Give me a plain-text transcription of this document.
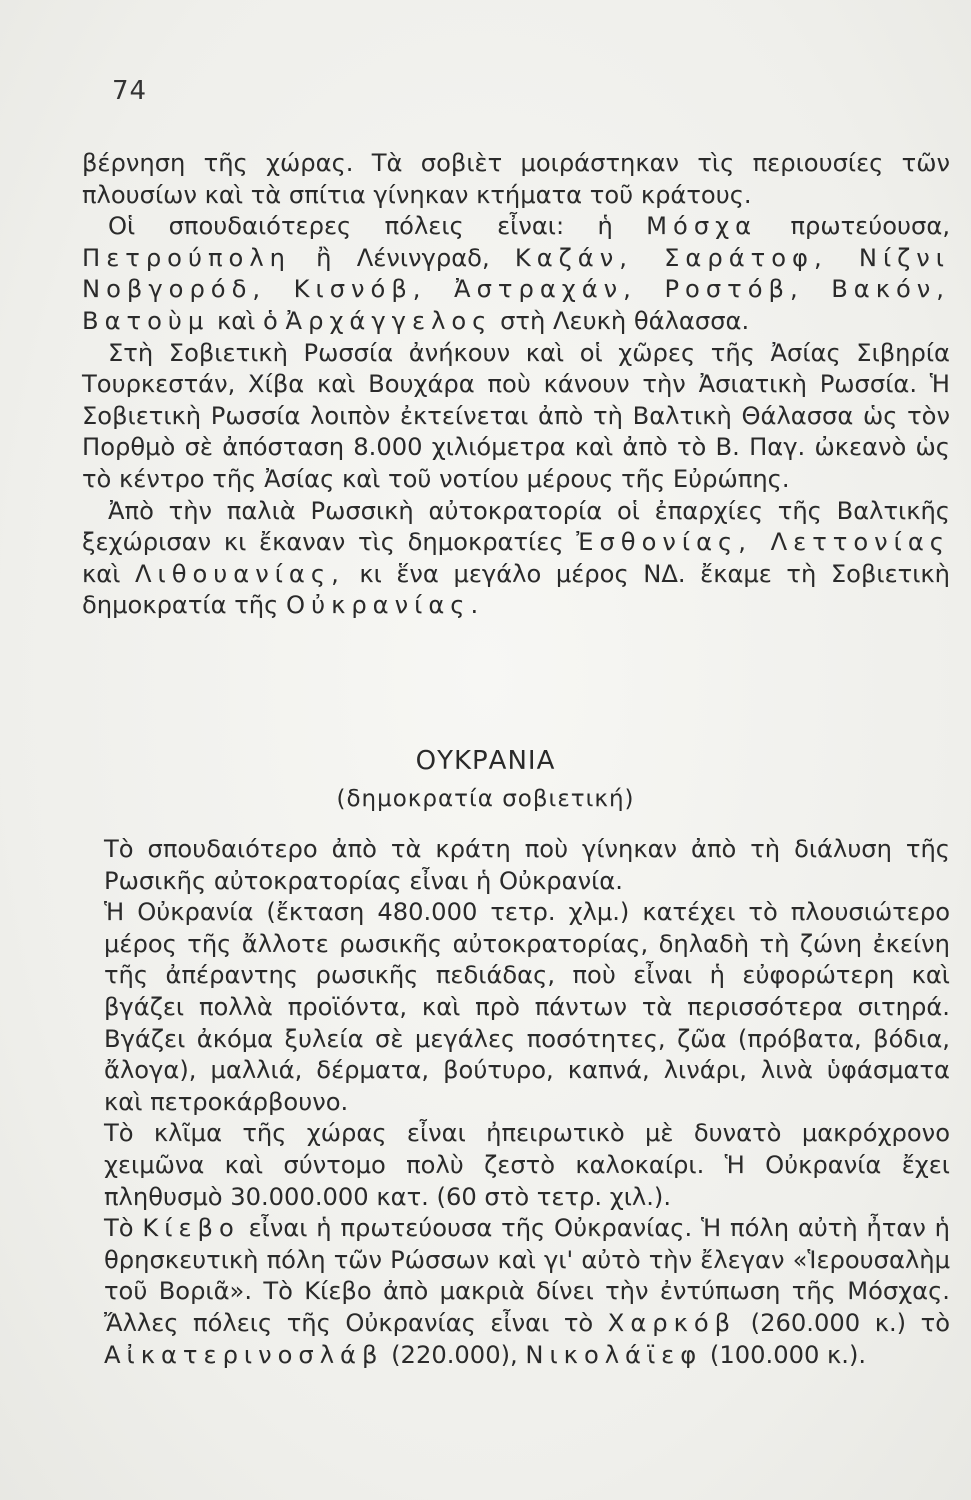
74

βέρνηση τῆς χώρας. Τὰ σοβιὲτ μοιράστηκαν τὶς περιουσίες τῶν πλουσίων καὶ τὰ σπίτια γίνηκαν κτήματα τοῦ κράτους.

Οἱ σπουδαιότερες πόλεις εἶναι: ἡ Μόσχα πρωτεύουσα, Πετρούπολη ἢ Λένινγραδ, Καζάν, Σαράτοφ, Νίζνι Νοβγορόδ, Κισνόβ, Ἀστραχάν, Ροστόβ, Βακόν, Βατοὺμ καὶ ὁ Ἀρχάγγελος στὴ Λευκὴ θάλασσα.

Στὴ Σοβιετικὴ Ρωσσία ἀνήκουν καὶ οἱ χῶρες τῆς Ἀσίας Σιβηρία Τουρκεστάν, Χίβα καὶ Βουχάρα ποὺ κάνουν τὴν Ἀσιατικὴ Ρωσσία. Ἡ Σοβιετικὴ Ρωσσία λοιπὸν ἐκτείνεται ἀπὸ τὴ Βαλτικὴ Θάλασσα ὡς τὸν Πορθμὸ σὲ ἀπόσταση 8.000 χιλιόμετρα καὶ ἀπὸ τὸ Β. Παγ. ὠκεανὸ ὡς τὸ κέντρο τῆς Ἀσίας καὶ τοῦ νοτίου μέρους τῆς Εὐρώπης.

Ἀπὸ τὴν παλιὰ Ρωσσικὴ αὐτοκρατορία οἱ ἐπαρχίες τῆς Βαλτικῆς ξεχώρισαν κι ἔκαναν τὶς δημοκρατίες Ἐσθονίας, Λεττονίας καὶ Λιθουανίας, κι ἕνα μεγάλο μέρος ΝΔ. ἔκαμε τὴ Σοβιετικὴ δημοκρατία τῆς Οὐκρανίας.

ΟΥΚΡΑΝΙΑ
(δημοκρατία σοβιετική)

Τὸ σπουδαιότερο ἀπὸ τὰ κράτη ποὺ γίνηκαν ἀπὸ τὴ διάλυση τῆς Ρωσικῆς αὐτοκρατορίας εἶναι ἡ Οὐκρανία.

Ἡ Οὐκρανία (ἔκταση 480.000 τετρ. χλμ.) κατέχει τὸ πλουσιώτερο μέρος τῆς ἄλλοτε ρωσικῆς αὐτοκρατορίας, δηλαδὴ τὴ ζώνη ἐκείνη τῆς ἀπέραντης ρωσικῆς πεδιάδας, ποὺ εἶναι ἡ εὐφορώτερη καὶ βγάζει πολλὰ προϊόντα, καὶ πρὸ πάντων τὰ περισσότερα σιτηρά. Βγάζει ἀκόμα ξυλεία σὲ μεγάλες ποσότητες, ζῶα (πρόβατα, βόδια, ἄλογα), μαλλιά, δέρματα, βούτυρο, καπνά, λινάρι, λινὰ ὑφάσματα καὶ πετροκάρβουνο.

Τὸ κλῖμα τῆς χώρας εἶναι ἠπειρωτικὸ μὲ δυνατὸ μακρόχρονο χειμῶνα καὶ σύντομο πολὺ ζεστὸ καλοκαίρι. Ἡ Οὐκρανία ἔχει πληθυσμὸ 30.000.000 κατ. (60 στὸ τετρ. χιλ.).

Τὸ Κίεβο εἶναι ἡ πρωτεύουσα τῆς Οὐκρανίας. Ἡ πόλη αὐτὴ ἦταν ἡ θρησκευτικὴ πόλη τῶν Ρώσσων καὶ γι' αὐτὸ τὴν ἔλεγαν «Ἱερουσαλὴμ τοῦ Βοριᾶ». Τὸ Κίεβο ἀπὸ μακριὰ δίνει τὴν ἐντύπωση τῆς Μόσχας. Ἄλλες πόλεις τῆς Οὐκρανίας εἶναι τὸ Χαρκόβ (260.000 κ.) τὸ Αἰκατερινοσλάβ (220.000), Νικολάϊεφ (100.000 κ.).
